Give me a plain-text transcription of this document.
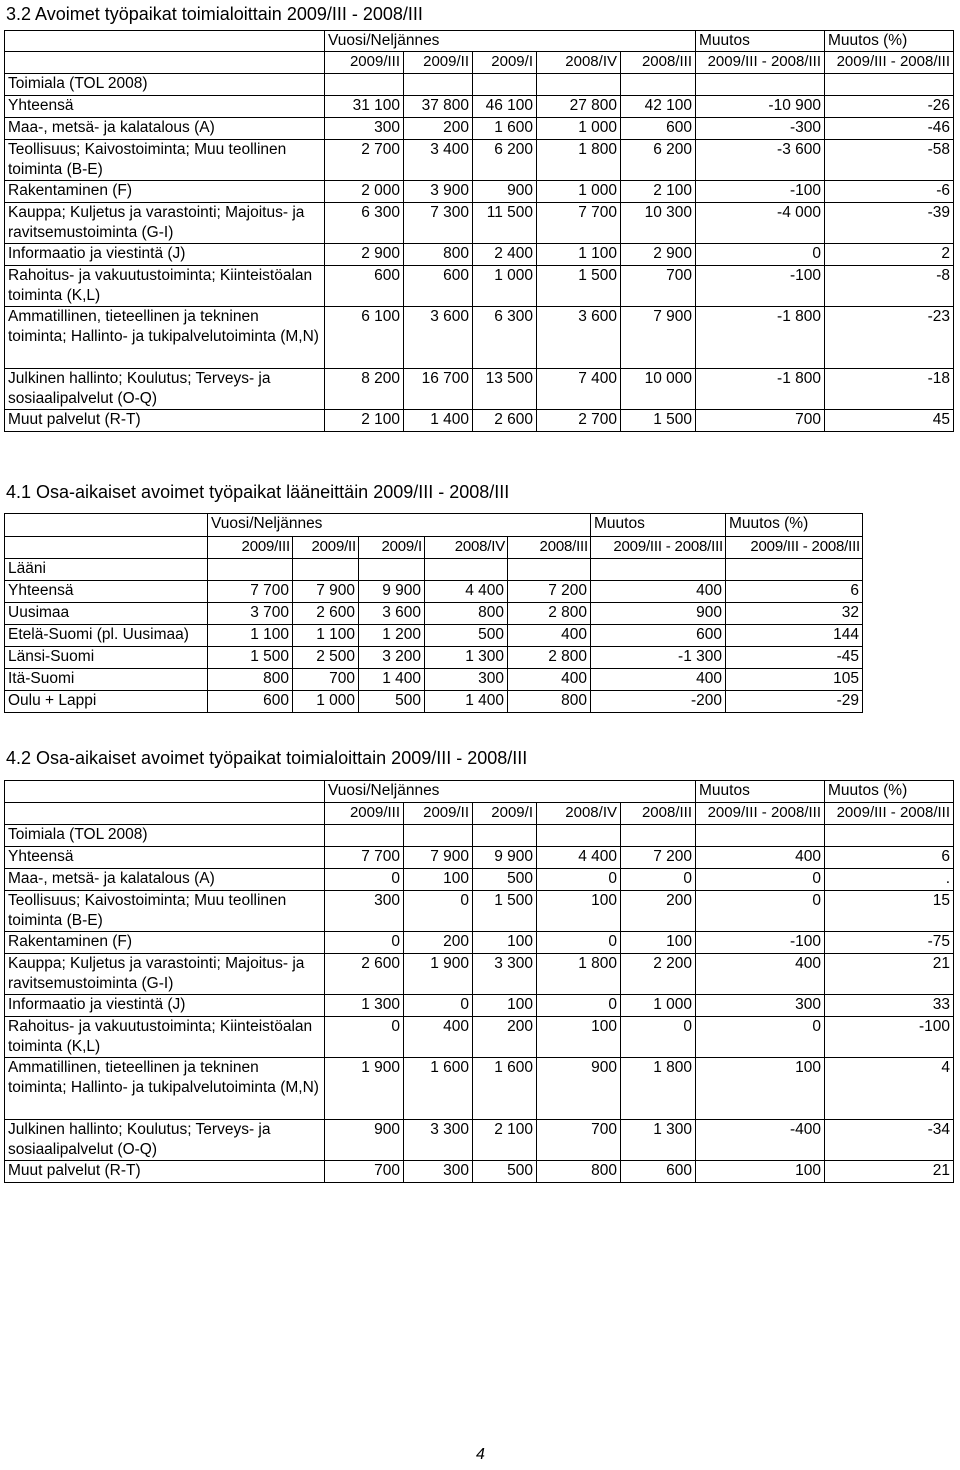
3.2 Avoimet työpaikat toimialoittain 2009/III - 2008/III
	Vuosi/Neljännes					Muutos	Muutos (%)
	2009/III	2009/II	2009/I	2008/IV	2008/III	2009/III - 2008/III	2009/III - 2008/III
Toimiala (TOL 2008)							
Yhteensä	31 100	37 800	46 100	27 800	42 100	-10 900	-26
Maa-, metsä- ja kalatalous (A)	300	200	1 600	1 000	600	-300	-46
Teollisuus; Kaivostoiminta; Muu teollinen toiminta (B-E)	2 700	3 400	6 200	1 800	6 200	-3 600	-58
Rakentaminen (F)	2 000	3 900	900	1 000	2 100	-100	-6
Kauppa; Kuljetus ja varastointi; Majoitus- ja ravitsemustoiminta (G-I)	6 300	7 300	11 500	7 700	10 300	-4 000	-39
Informaatio ja viestintä (J)	2 900	800	2 400	1 100	2 900	0	2
Rahoitus- ja vakuutustoiminta; Kiinteistöalan toiminta (K,L)	600	600	1 000	1 500	700	-100	-8
Ammatillinen, tieteellinen ja tekninen toiminta; Hallinto- ja tukipalvelutoiminta (M,N)	6 100	3 600	6 300	3 600	7 900	-1 800	-23
Julkinen hallinto; Koulutus; Terveys- ja sosiaalipalvelut (O-Q)	8 200	16 700	13 500	7 400	10 000	-1 800	-18
Muut palvelut (R-T)	2 100	1 400	2 600	2 700	1 500	700	45
4.1 Osa-aikaiset avoimet työpaikat lääneittäin 2009/III - 2008/III
	Vuosi/Neljännes					Muutos	Muutos (%)
	2009/III	2009/II	2009/I	2008/IV	2008/III	2009/III - 2008/III	2009/III - 2008/III
Lääni							
Yhteensä	7 700	7 900	9 900	4 400	7 200	400	6
Uusimaa	3 700	2 600	3 600	800	2 800	900	32
Etelä-Suomi (pl. Uusimaa)	1 100	1 100	1 200	500	400	600	144
Länsi-Suomi	1 500	2 500	3 200	1 300	2 800	-1 300	-45
Itä-Suomi	800	700	1 400	300	400	400	105
Oulu + Lappi	600	1 000	500	1 400	800	-200	-29
4.2 Osa-aikaiset avoimet työpaikat toimialoittain 2009/III - 2008/III
	Vuosi/Neljännes					Muutos	Muutos (%)
	2009/III	2009/II	2009/I	2008/IV	2008/III	2009/III - 2008/III	2009/III - 2008/III
Toimiala (TOL 2008)							
Yhteensä	7 700	7 900	9 900	4 400	7 200	400	6
Maa-, metsä- ja kalatalous (A)	0	100	500	0	0	0	.
Teollisuus; Kaivostoiminta; Muu teollinen toiminta (B-E)	300	0	1 500	100	200	0	15
Rakentaminen (F)	0	200	100	0	100	-100	-75
Kauppa; Kuljetus ja varastointi; Majoitus- ja ravitsemustoiminta (G-I)	2 600	1 900	3 300	1 800	2 200	400	21
Informaatio ja viestintä (J)	1 300	0	100	0	1 000	300	33
Rahoitus- ja vakuutustoiminta; Kiinteistöalan toiminta (K,L)	0	400	200	100	0	0	-100
Ammatillinen, tieteellinen ja tekninen toiminta; Hallinto- ja tukipalvelutoiminta (M,N)	1 900	1 600	1 600	900	1 800	100	4
Julkinen hallinto; Koulutus; Terveys- ja sosiaalipalvelut (O-Q)	900	3 300	2 100	700	1 300	-400	-34
Muut palvelut (R-T)	700	300	500	800	600	100	21
4
